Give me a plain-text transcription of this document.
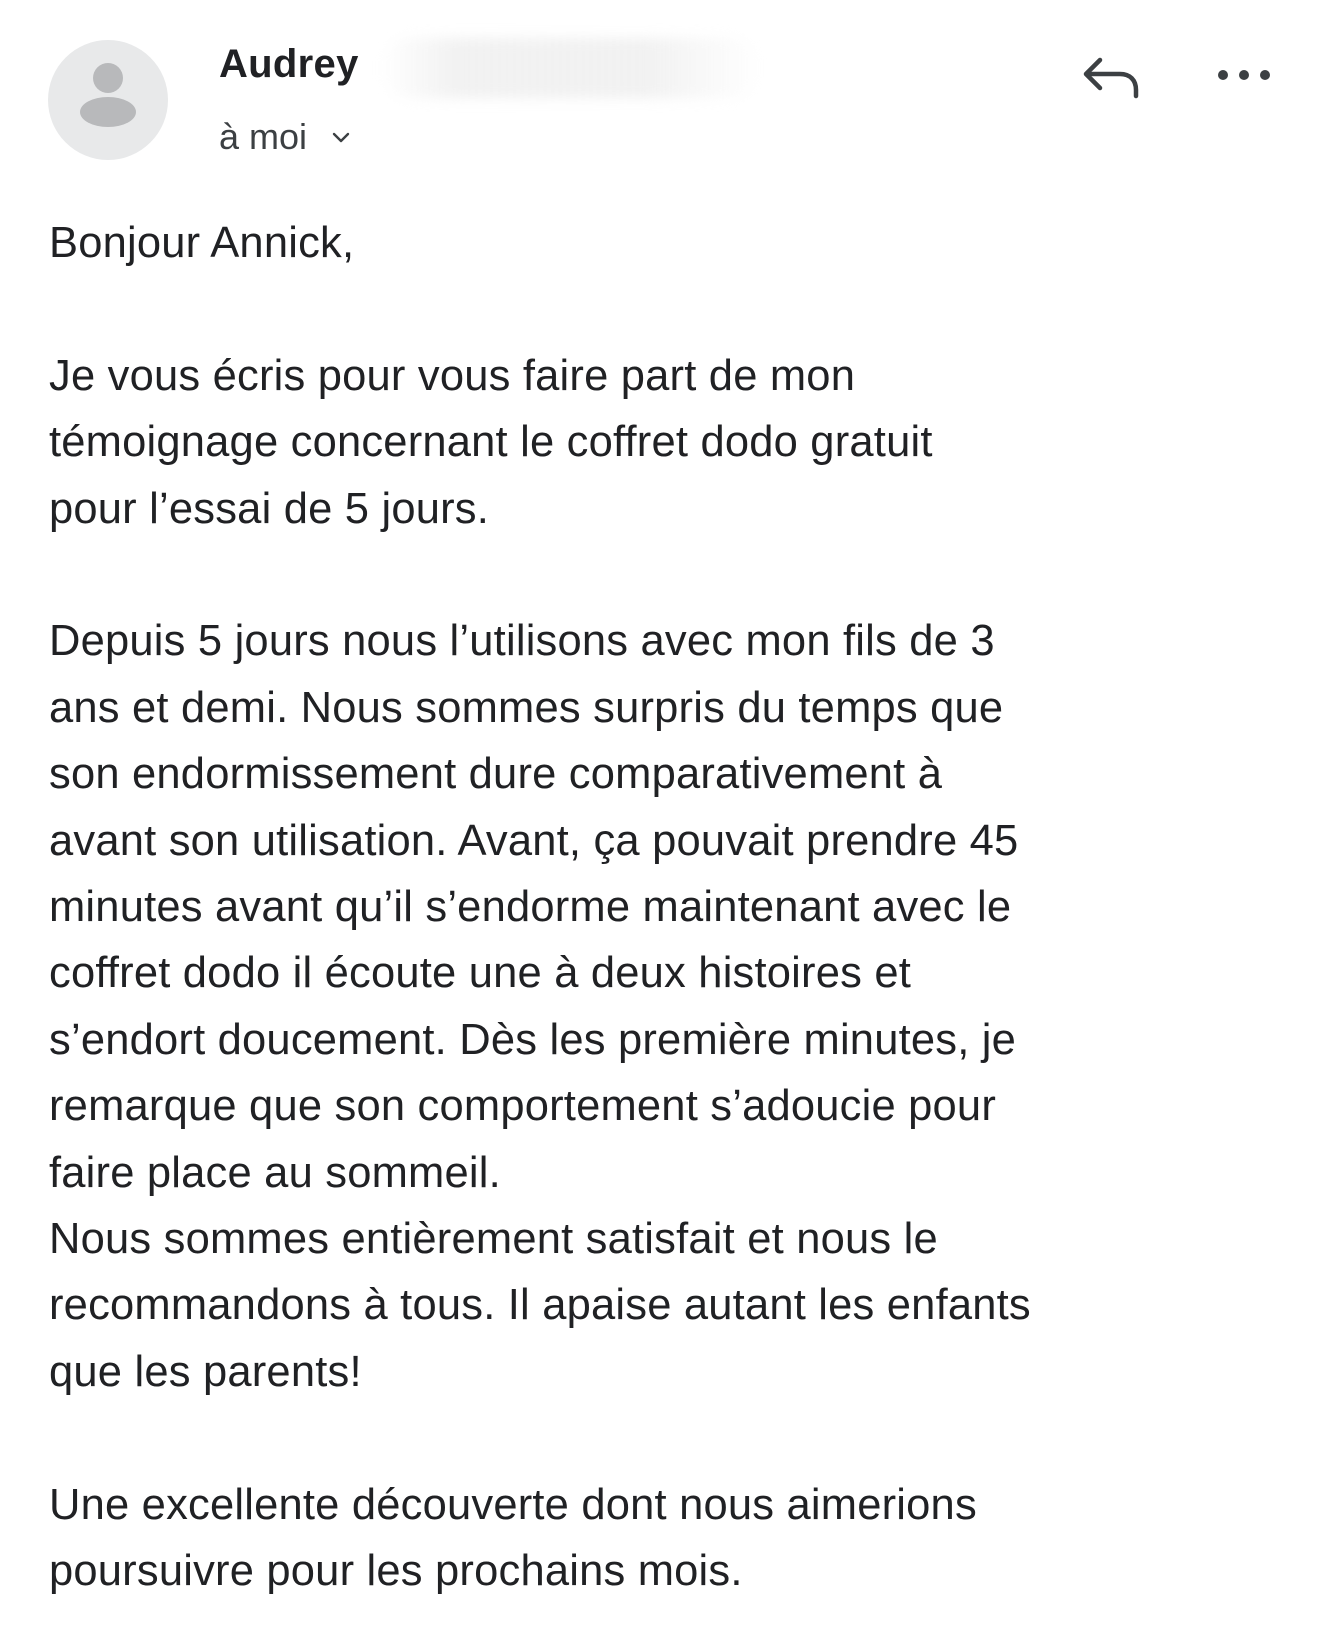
Audrey
à moi
Bonjour Annick,
Je vous écris pour vous faire part de mon
témoignage concernant le coffret dodo gratuit
pour l’essai de 5 jours.
Depuis 5 jours nous l’utilisons avec mon fils de 3
ans et demi. Nous sommes surpris du temps que
son endormissement dure comparativement à
avant son utilisation. Avant, ça pouvait prendre 45
minutes avant qu’il s’endorme maintenant avec le
coffret dodo il écoute une à deux histoires et
s’endort doucement. Dès les première minutes, je
remarque que son comportement s’adoucie pour
faire place au sommeil.
Nous sommes entièrement satisfait et nous le
recommandons à tous. Il apaise autant les enfants
que les parents!
Une excellente découverte dont nous aimerions
poursuivre pour les prochains mois.
